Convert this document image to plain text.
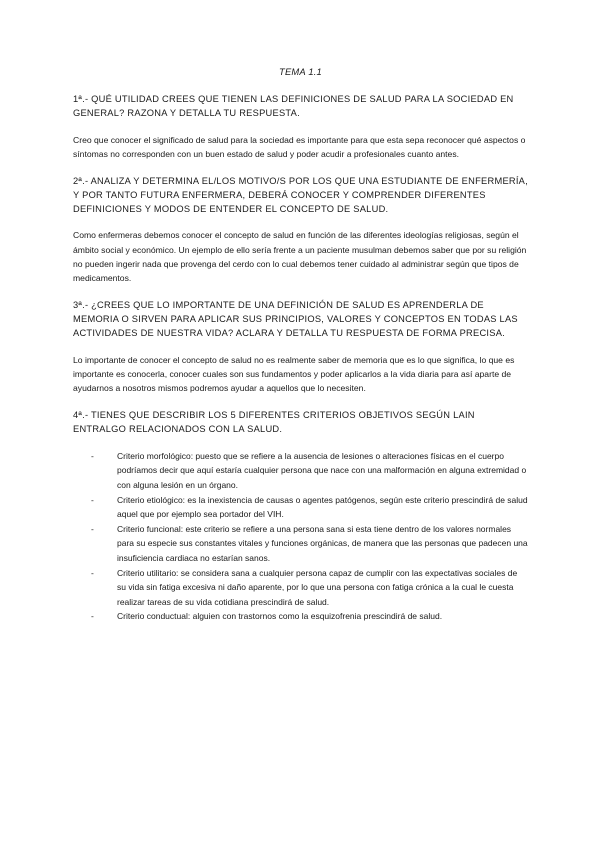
TEMA 1.1
1ª.- QUÉ UTILIDAD CREES QUE TIENEN LAS DEFINICIONES DE SALUD PARA LA SOCIEDAD EN GENERAL? RAZONA Y DETALLA TU RESPUESTA.
Creo que conocer el significado de salud para la sociedad es importante para que esta sepa reconocer qué aspectos o síntomas no corresponden con un buen estado de salud y poder acudir a profesionales cuanto antes.
2ª.- ANALIZA Y DETERMINA EL/LOS MOTIVO/S POR LOS QUE UNA ESTUDIANTE DE ENFERMERÍA, Y POR TANTO FUTURA ENFERMERA, DEBERÁ CONOCER Y COMPRENDER DIFERENTES DEFINICIONES Y MODOS DE ENTENDER EL CONCEPTO DE SALUD.
Como enfermeras debemos conocer el concepto de salud en función de las diferentes ideologías religiosas, según el ámbito social y económico. Un ejemplo de ello sería frente a un paciente musulman debemos saber que por su religión no pueden ingerir nada que provenga del cerdo con lo cual debemos tener cuidado al administrar según que tipos de medicamentos.
3ª.- ¿CREES QUE LO IMPORTANTE DE UNA DEFINICIÓN DE SALUD ES APRENDERLA DE MEMORIA O SIRVEN PARA APLICAR SUS PRINCIPIOS, VALORES Y CONCEPTOS EN TODAS LAS ACTIVIDADES DE NUESTRA VIDA? ACLARA Y DETALLA TU RESPUESTA DE FORMA PRECISA.
Lo importante de conocer el concepto de salud no es realmente saber de memoria que es lo que significa, lo que es importante es conocerla, conocer cuales son sus fundamentos y poder aplicarlos a la vida diaria para así aparte de ayudarnos a nosotros mismos podremos ayudar a aquellos que lo necesiten.
4ª.- TIENES QUE DESCRIBIR LOS 5 DIFERENTES CRITERIOS OBJETIVOS SEGÚN LAIN ENTRALGO RELACIONADOS CON LA SALUD.
-	Criterio morfológico: puesto que se refiere a la ausencia de lesiones o alteraciones físicas en el cuerpo podríamos decir que aquí estaría cualquier persona que nace con una malformación en alguna extremidad o con alguna lesión en un órgano.
-	Criterio etiológico: es la inexistencia de causas o agentes patógenos, según este criterio prescindirá de salud aquel que por ejemplo sea portador del VIH.
-	Criterio funcional: este criterio se refiere a una persona sana si esta tiene dentro de los valores normales para su especie sus constantes vitales y funciones orgánicas, de manera que las personas que padecen una insuficiencia cardiaca no estarían sanos.
-	Criterio utilitario: se considera sana a cualquier persona capaz de cumplir con las expectativas sociales de su vida sin fatiga excesiva ni daño aparente, por lo que una persona con fatiga crónica a la cual le cuesta realizar tareas de su vida cotidiana prescindirá de salud.
-	Criterio conductual: alguien con trastornos como la esquizofrenia prescindirá de salud.
